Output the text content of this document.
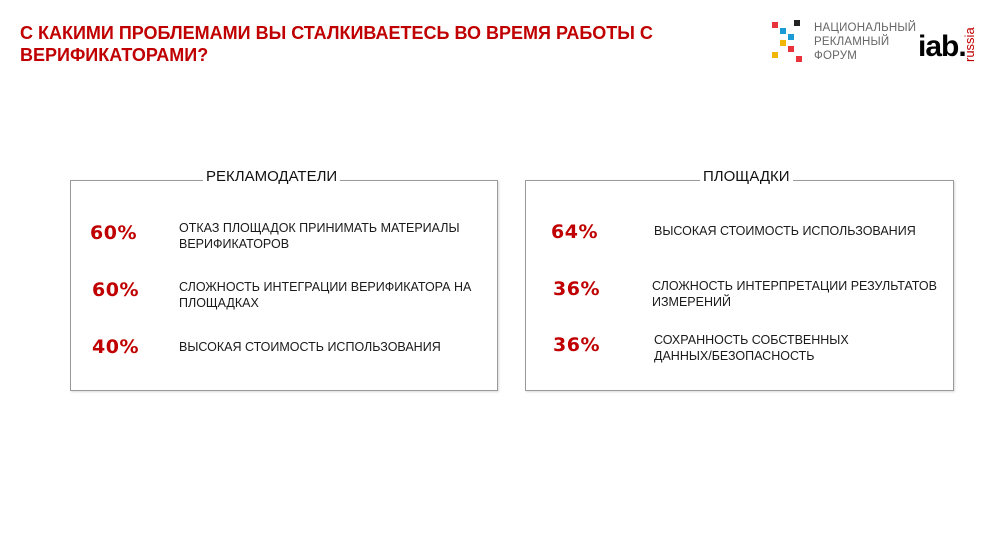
С КАКИМИ ПРОБЛЕМАМИ ВЫ СТАЛКИВАЕТЕСЬ ВО ВРЕМЯ РАБОТЫ С ВЕРИФИКАТОРАМИ?
НАЦИОНАЛЬНЫЙ
РЕКЛАМНЫЙ
ФОРУМ	iab.
russia
РЕКЛАМОДАТЕЛИ
60%	ОТКАЗ ПЛОЩАДОК ПРИНИМАТЬ МАТЕРИАЛЫ ВЕРИФИКАТОРОВ
60%	СЛОЖНОСТЬ ИНТЕГРАЦИИ ВЕРИФИКАТОРА НА ПЛОЩАДКАХ
40%	ВЫСОКАЯ СТОИМОСТЬ ИСПОЛЬЗОВАНИЯ
ПЛОЩАДКИ
64%	ВЫСОКАЯ СТОИМОСТЬ ИСПОЛЬЗОВАНИЯ
36%	СЛОЖНОСТЬ ИНТЕРПРЕТАЦИИ РЕЗУЛЬТАТОВ ИЗМЕРЕНИЙ
36%	СОХРАННОСТЬ СОБСТВЕННЫХ ДАННЫХ/БЕЗОПАСНОСТЬ
